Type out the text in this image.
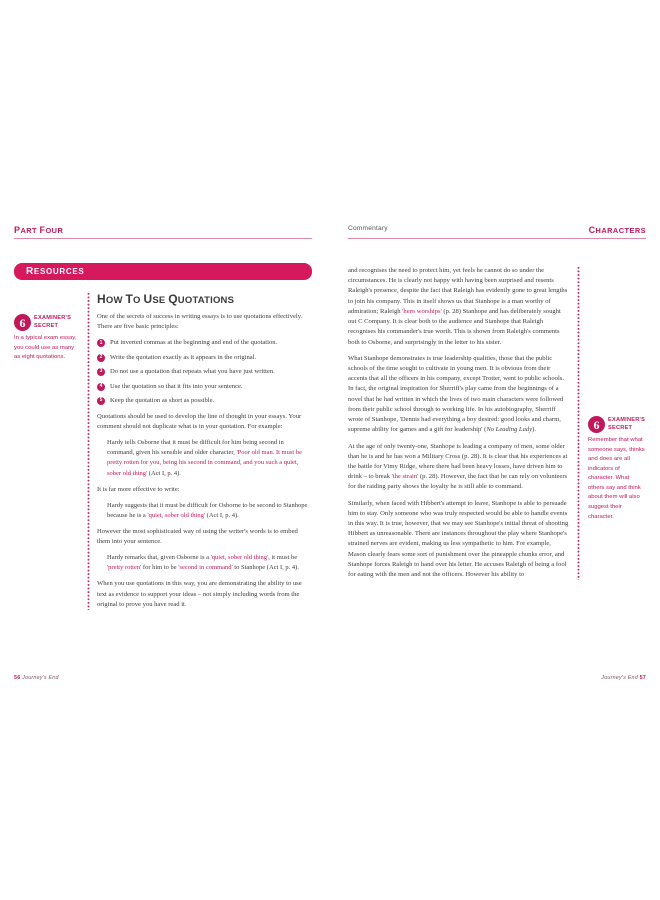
PART FOUR
RESOURCES
6	EXAMINER'S
SECRET
In a typical exam essay, you could use as many as eight quotations.
HOW TO USE QUOTATIONS

One of the secrets of success in writing essays is to use quotations effectively. There are five basic principles:

1	Put inverted commas at the beginning and end of the quotation.
2	Write the quotation exactly as it appears in the original.
3	Do not use a quotation that repeats what you have just written.
4	Use the quotation so that it fits into your sentence.
5	Keep the quotation as short as possible.

Quotations should be used to develop the line of thought in your essays. Your comment should not duplicate what is in your quotation. For example:

Hardy tells Osborne that it must be difficult for him being second in command, given his sensible and older character, 'Poor old man. It must be pretty rotten for you, being his second in command, and you such a quiet, sober old thing' (Act I, p. 4).

It is far more effective to write:

Hardy suggests that it must be difficult for Osborne to be second to Stanhope because he is a 'quiet, sober old thing' (Act I, p. 4).

However the most sophisticated way of using the writer's words is to embed them into your sentence.

Hardy remarks that, given Osborne is a 'quiet, sober old thing', it must be 'pretty rotten' for him to be 'second in command' to Stanhope (Act I, p. 4).

When you use quotations in this way, you are demonstrating the ability to use text as evidence to support your ideas – not simply including words from the original to prove you have read it.

56 Journey's End
Commentary	CHARACTERS

and recognises the need to protect him, yet feels he cannot do so under the circumstances. He is clearly not happy with having been surprised and resents Raleigh's presence, despite the fact that Raleigh has evidently gone to great lengths to join his company. This in itself shows us that Stanhope is a man worthy of admiration; Raleigh 'hero worships' (p. 28) Stanhope and has deliberately sought out C Company. It is clear both to the audience and Stanhope that Raleigh recognises his commander's true worth. This is shown from Raleigh's comments both to Osborne, and surprisingly in the letter to his sister.

What Stanhope demonstrates is true leadership qualities, those that the public schools of the time sought to cultivate in young men. It is obvious from their accents that all the officers in his company, except Trotter, went to public schools. In fact, the original inspiration for Sherriff's play came from the beginnings of a novel that he had written in which the lives of two main characters were followed from their public school through to working life. In his autobiography, Sherriff wrote of Stanhope, 'Dennis had everything a boy desired: good looks and charm, supreme ability for games and a gift for leadership' (No Leading Lady).

At the age of only twenty-one, Stanhope is leading a company of men, some older than he is and he has won a Military Cross (p. 28). It is clear that his experiences at the battle for Vimy Ridge, where there had been heavy losses, have driven him to drink – to break 'the strain' (p. 28). However, the fact that he can rely on volunteers for the raiding party shows the loyalty he is still able to command.

Similarly, when faced with Hibbert's attempt to leave, Stanhope is able to persuade him to stay. Only someone who was truly respected would be able to handle events in this way. It is true, however, that we may see Stanhope's initial threat of shooting Hibbert as unreasonable. There are instances throughout the play where Stanhope's strained nerves are evident, making us less sympathetic to him. For example, Mason clearly fears some sort of punishment over the pineapple chunks error, and Stanhope forces Raleigh to hand over his letter. He accuses Raleigh of being a fool for eating with the men and not the officers. However his ability to

6	EXAMINER'S
SECRET
Remember that what someone says, thinks and does are all indicators of character. What others say and think about them will also suggest their character.
Journey's End 57
